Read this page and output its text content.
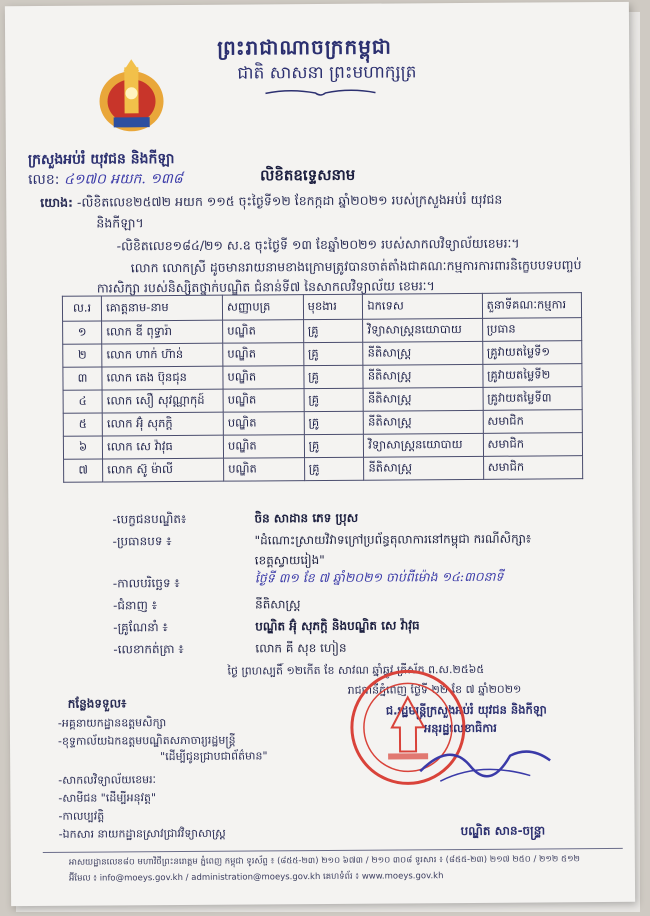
ព្រះរាជាណាចក្រកម្ពុជា
ជាតិ សាសនា ព្រះមហាក្សត្រ
ក្រសួងអប់រំ យុវជន និងកីឡា
លេខ: ៤១៧០ អយក. ១៣៨	លិខិតឧទ្ទេសនាម
យោង: -លិខិតលេខ២៥៧២ អយក ១១៥ ចុះថ្ងៃទី១២ ខែកក្កដា ឆ្នាំ២០២១ របស់ក្រសួងអប់រំ យុវជន
និងកីឡា។
-លិខិតលេខ១៨៤/២១ ស.ឧ ចុះថ្ងៃទី ១៣ ខែឆ្នាំ២០២១ របស់សាកលវិទ្យាល័យខេមរៈ។
លោក លោកស្រី ដូចមានរាយនាមខាងក្រោមត្រូវបានចាត់តាំងជាគណៈកម្មការការពារនិក្ខេបបទបញ្ចប់
ការសិក្សា របស់និស្សិតថ្នាក់បណ្ឌិត ជំនាន់ទី៧ នៃសាកលវិទ្យាល័យ ខេមរៈ។
ល.រ	គោត្តនាម-នាម	សញ្ញាបត្រ	មុខងារ	ឯកទេស	តួនាទីគណៈកម្មការ
១	លោក ឌី ពុទ្ធារ៉ា	បណ្ឌិត	គ្រូ	វិទ្យាសាស្ត្រនយោបាយ	ប្រធាន
២	លោក ហាក់ ហ៊ាន់	បណ្ឌិត	គ្រូ	នីតិសាស្ត្រ	គ្រូវាយតម្លៃទី១
៣	លោក តេង ប៊ុនជុន	បណ្ឌិត	គ្រូ	នីតិសាស្ត្រ	គ្រូវាយតម្លៃទី២
៤	លោក សឿ សុវណ្ណាកុដ៍	បណ្ឌិត	គ្រូ	នីតិសាស្ត្រ	គ្រូវាយតម្លៃទី៣
៥	លោក អ៊ុំ សុភក្តិ	បណ្ឌិត	គ្រូ	នីតិសាស្ត្រ	សមាជិក
៦	លោក សេ វ៉ាវុធ	បណ្ឌិត	គ្រូ	វិទ្យាសាស្ត្រនយោបាយ	សមាជិក
៧	លោក ស៊ូ ម៉ាលី	បណ្ឌិត	គ្រូ	នីតិសាស្ត្រ	សមាជិក
-បេក្ខជនបណ្ឌិត៖	ចិន សាដាន ភេទ ប្រុស
-ប្រធានបទ ៖	"ដំណោះស្រាយវិវាទក្រៅប្រព័ន្ធតុលាការនៅកម្ពុជា ករណីសិក្សា៖
ខេត្តស្វាយរៀង"
-កាលបរិច្ឆេទ ៖	ថ្ងៃទី ៣១ ខែ ៧ ឆ្នាំ២០២១ ចាប់ពីម៉ោង ១៤:៣០នាទី
-ជំនាញ ៖	នីតិសាស្ត្រ
-គ្រូណែនាំ ៖	បណ្ឌិត អ៊ុំ សុភក្តិ និងបណ្ឌិត សេ វ៉ាវុធ
-លេខាកត់ត្រា ៖	លោក គី សុខ ហៀន
ថ្ងៃ ព្រហស្បតិ៍ ១២កើត ខែ សាវណ ឆ្នាំឆ្លូវ ត្រីស័ក ព.ស.២៥៦៥
រាជធានីភ្នំពេញ ថ្ងៃទី ២២ ខែ ៧ ឆ្នាំ២០២១
ជ.រដ្ឋមន្ត្រីក្រសួងអប់រំ យុវជន និងកីឡា
អនុរដ្ឋលេខាធិការ
បណ្ឌិត សាន-ចន្ទ្រា
កន្លែងទទួល៖
-អគ្គនាយកដ្ឋានឧត្តមសិក្សា
-ខុទ្ទកាល័យឯកឧត្តមបណ្ឌិតសភាចារ្យរដ្ឋមន្ត្រី
"ដើម្បីជូនជ្រាបជាព័ត៌មាន"
-សាកលវិទ្យាល័យខេមរៈ
-សាមីជន "ដើម្បីអនុវត្ត"
-កាលប្បវត្តិ
-ឯកសារ នាយកដ្ឋានស្រាវជ្រាវវិទ្យាសាស្ត្រ
អាសយដ្ឋានលេខ៨០ មហាវិថីព្រះនរោត្តម ភ្នំពេញ កម្ពុជា ទូរស័ព្ទ ៖ (៨៥៥-២៣) ២១០ ៦៧៣ / ២១០ ៣០៨ ទូរសារ ៖ (៨៥៥-២៣) ២១៧ ២៥០ / ២១២ ៥១២
អ៊ីមែល ៖ info@moeys.gov.kh / administration@moeys.gov.kh គេហទំព័រ ៖ www.moeys.gov.kh
